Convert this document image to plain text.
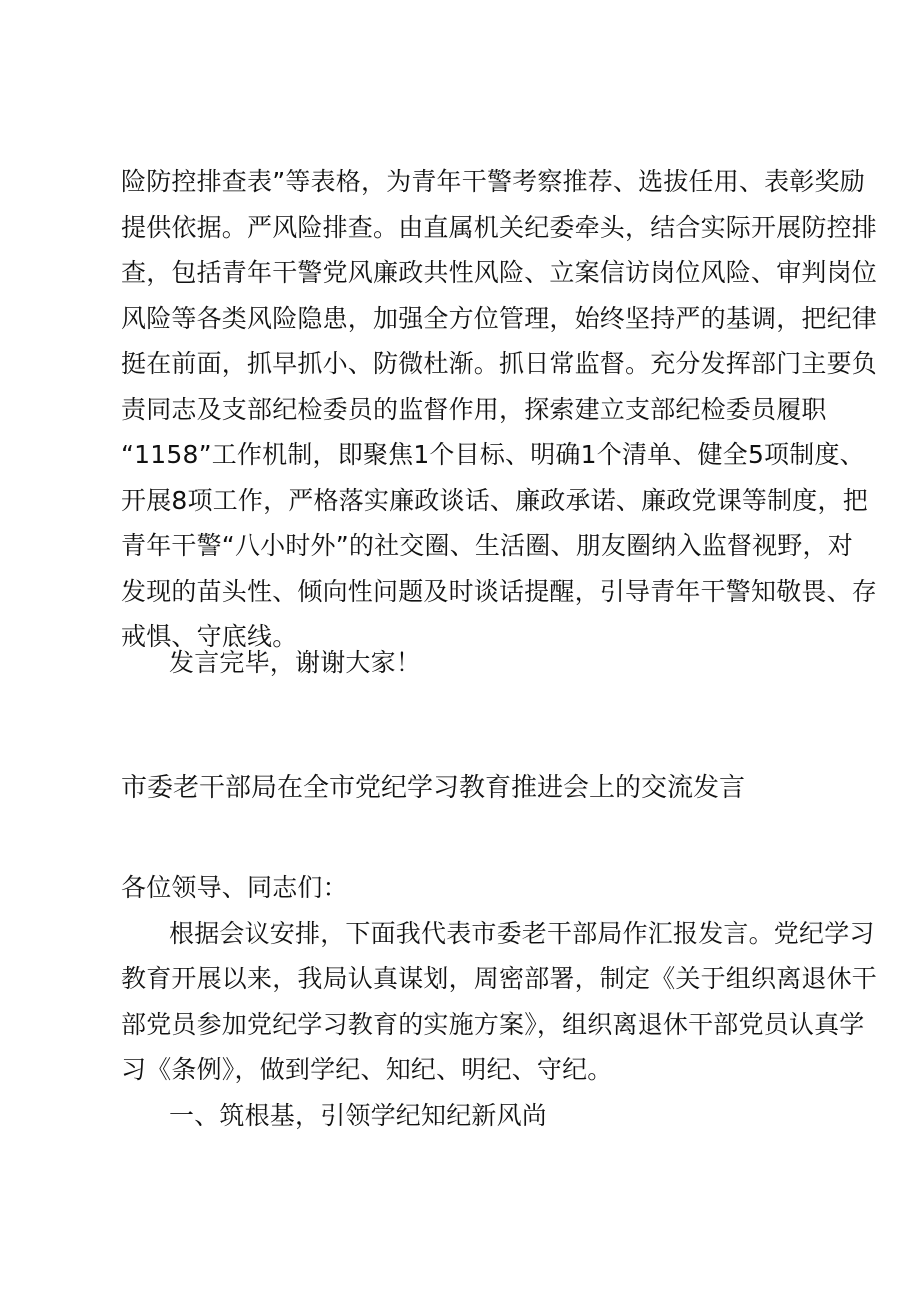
险防控排查表”等表格，为青年干警考察推荐、选拔任用、表彰奖励
提供依据。严风险排查。由直属机关纪委牵头，结合实际开展防控排
查，包括青年干警党风廉政共性风险、立案信访岗位风险、审判岗位
风险等各类风险隐患，加强全方位管理，始终坚持严的基调，把纪律
挺在前面，抓早抓小、防微杜渐。抓日常监督。充分发挥部门主要负
责同志及支部纪检委员的监督作用，探索建立支部纪检委员履职
“1158”工作机制，即聚焦1个目标、明确1个清单、健全5项制度、
开展8项工作，严格落实廉政谈话、廉政承诺、廉政党课等制度，把
青年干警“八小时外”的社交圈、生活圈、朋友圈纳入监督视野，对
发现的苗头性、倾向性问题及时谈话提醒，引导青年干警知敬畏、存
戒惧、守底线。
发言完毕，谢谢大家！
市委老干部局在全市党纪学习教育推进会上的交流发言
各位领导、同志们：
根据会议安排，下面我代表市委老干部局作汇报发言。党纪学习
教育开展以来，我局认真谋划，周密部署，制定《关于组织离退休干
部党员参加党纪学习教育的实施方案》，组织离退休干部党员认真学
习《条例》，做到学纪、知纪、明纪、守纪。
一、筑根基，引领学纪知纪新风尚
